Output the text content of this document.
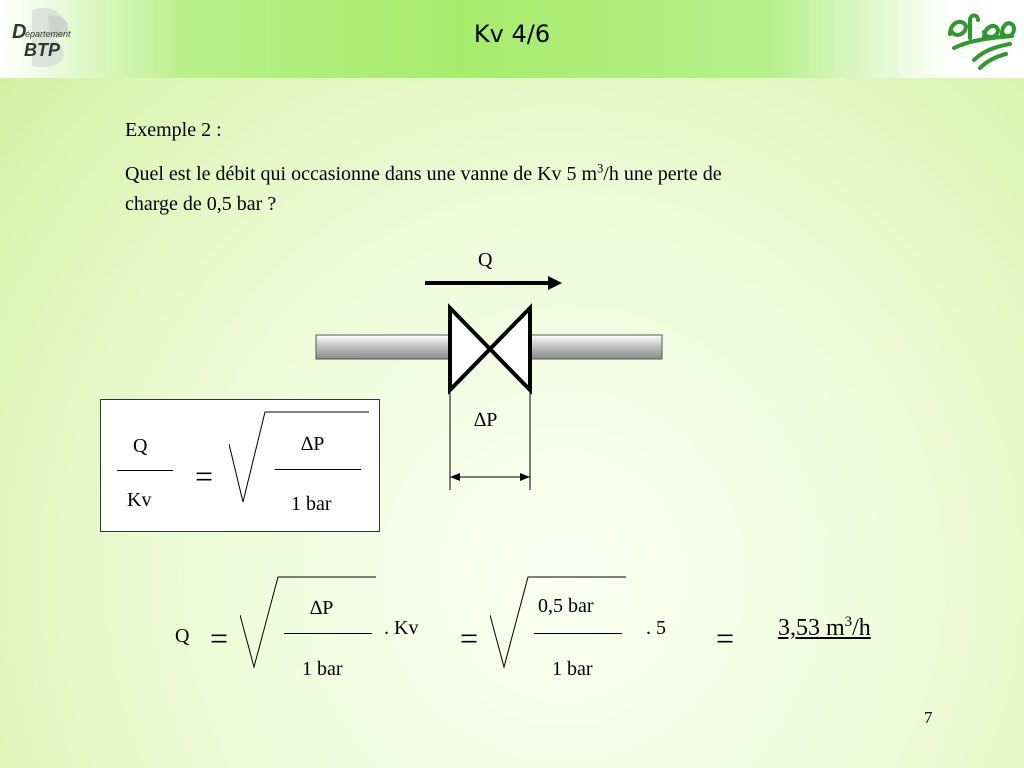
D
épartement
BTP
Kv 4/6
Exemple 2 :
Quel est le débit qui occasionne dans une vanne de Kv 5 $m^3/h$ une perte de
charge de 0,5 bar ?
Q
∆P
Q
Kv
=
∆P
1 bar
Q =
∆P
1 bar
. Kv =
0,5 bar
1 bar
. 5 = 3,53 $m^3/h$
7
